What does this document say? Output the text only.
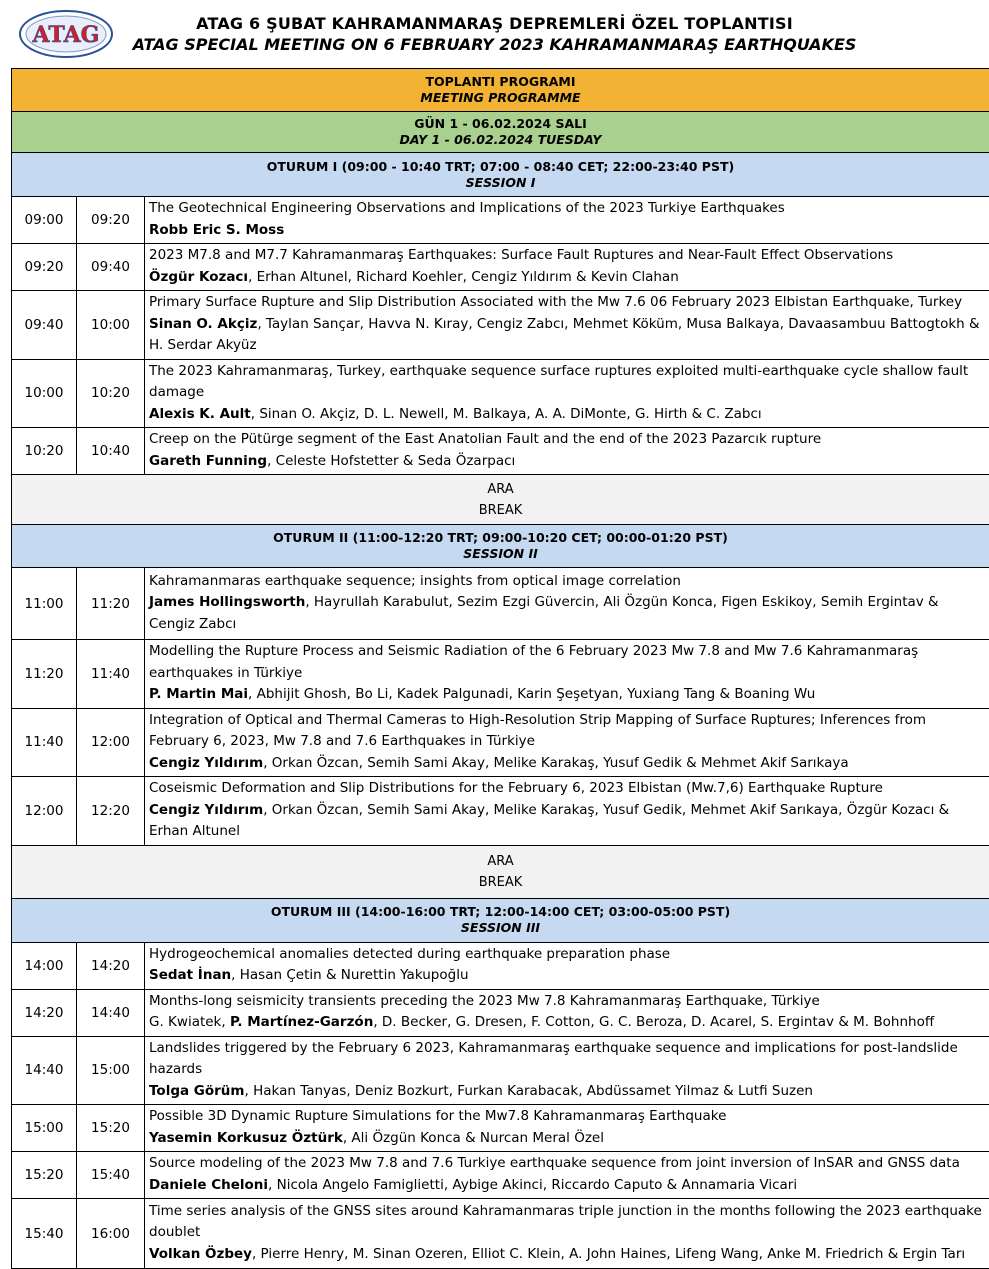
ATAG	ATAG 6 ŞUBAT KAHRAMANMARAŞ DEPREMLERİ ÖZEL TOPLANTISI
ATAG SPECIAL MEETING ON 6 FEBRUARY 2023 KAHRAMANMARAŞ EARTHQUAKES
TOPLANTI PROGRAMI
MEETING PROGRAMME		

GÜN 1 - 06.02.2024 SALI
DAY 1 - 06.02.2024 TUESDAY		

OTURUM I (09:00 - 10:40 TRT; 07:00 - 08:40 CET; 22:00-23:40 PST)
SESSION I		

09:00	09:20	The Geotechnical Engineering Observations and Implications of the 2023 Turkiye Earthquakes
Robb Eric S. Moss

09:20	09:40	2023 M7.8 and M7.7 Kahramanmaraş Earthquakes: Surface Fault Ruptures and Near-Fault Effect Observations
Özgür Kozacı, Erhan Altunel, Richard Koehler, Cengiz Yıldırım & Kevin Clahan

09:40	10:00	Primary Surface Rupture and Slip Distribution Associated with the Mw 7.6 06 February 2023 Elbistan Earthquake, Turkey
Sinan O. Akçiz, Taylan Sançar, Havva N. Kıray, Cengiz Zabcı, Mehmet Köküm, Musa Balkaya, Davaasambuu Battogtokh & H. Serdar Akyüz

10:00	10:20	The 2023 Kahramanmaraş, Turkey, earthquake sequence surface ruptures exploited multi-earthquake cycle shallow fault damage
Alexis K. Ault, Sinan O. Akçiz, D. L. Newell, M. Balkaya, A. A. DiMonte, G. Hirth & C. Zabcı

10:20	10:40	Creep on the Pütürge segment of the East Anatolian Fault and the end of the 2023 Pazarcık rupture
Gareth Funning, Celeste Hofstetter & Seda Özarpacı

ARA
BREAK		

OTURUM II (11:00-12:20 TRT; 09:00-10:20 CET; 00:00-01:20 PST)
SESSION II		

11:00	11:20	Kahramanmaras earthquake sequence; insights from optical image correlation
James Hollingsworth, Hayrullah Karabulut, Sezim Ezgi Güvercin, Ali Özgün Konca, Figen Eskikoy, Semih Ergintav & Cengiz Zabcı

11:20	11:40	Modelling the Rupture Process and Seismic Radiation of the 6 February 2023 Mw 7.8 and Mw 7.6 Kahramanmaraş earthquakes in Türkiye
P. Martin Mai, Abhijit Ghosh, Bo Li, Kadek Palgunadi, Karin Şeşetyan, Yuxiang Tang & Boaning Wu

11:40	12:00	Integration of Optical and Thermal Cameras to High-Resolution Strip Mapping of Surface Ruptures; Inferences from February 6, 2023, Mw 7.8 and 7.6 Earthquakes in Türkiye
Cengiz Yıldırım, Orkan Özcan, Semih Sami Akay, Melike Karakaş, Yusuf Gedik & Mehmet Akif Sarıkaya

12:00	12:20	Coseismic Deformation and Slip Distributions for the February 6, 2023 Elbistan (Mw.7,6) Earthquake Rupture
Cengiz Yıldırım, Orkan Özcan, Semih Sami Akay, Melike Karakaş, Yusuf Gedik, Mehmet Akif Sarıkaya, Özgür Kozacı & Erhan Altunel

ARA
BREAK		

OTURUM III (14:00-16:00 TRT; 12:00-14:00 CET; 03:00-05:00 PST)
SESSION III		

14:00	14:20	Hydrogeochemical anomalies detected during earthquake preparation phase
Sedat İnan, Hasan Çetin & Nurettin Yakupoğlu

14:20	14:40	Months-long seismicity transients preceding the 2023 Mw 7.8 Kahramanmaraş Earthquake, Türkiye
G. Kwiatek, P. Martínez-Garzón, D. Becker, G. Dresen, F. Cotton, G. C. Beroza, D. Acarel, S. Ergintav & M. Bohnhoff

14:40	15:00	Landslides triggered by the February 6 2023, Kahramanmaraş earthquake sequence and implications for post-landslide hazards
Tolga Görüm, Hakan Tanyas, Deniz Bozkurt, Furkan Karabacak, Abdüssamet Yilmaz & Lutfi Suzen

15:00	15:20	Possible 3D Dynamic Rupture Simulations for the Mw7.8 Kahramanmaraş Earthquake
Yasemin Korkusuz Öztürk, Ali Özgün Konca & Nurcan Meral Özel

15:20	15:40	Source modeling of the 2023 Mw 7.8 and 7.6 Turkiye earthquake sequence from joint inversion of InSAR and GNSS data
Daniele Cheloni, Nicola Angelo Famiglietti, Aybige Akinci, Riccardo Caputo & Annamaria Vicari

15:40	16:00	Time series analysis of the GNSS sites around Kahramanmaras triple junction in the months following the 2023 earthquake doublet
Volkan Özbey, Pierre Henry, M. Sinan Ozeren, Elliot C. Klein, A. John Haines, Lifeng Wang, Anke M. Friedrich & Ergin Tarı
